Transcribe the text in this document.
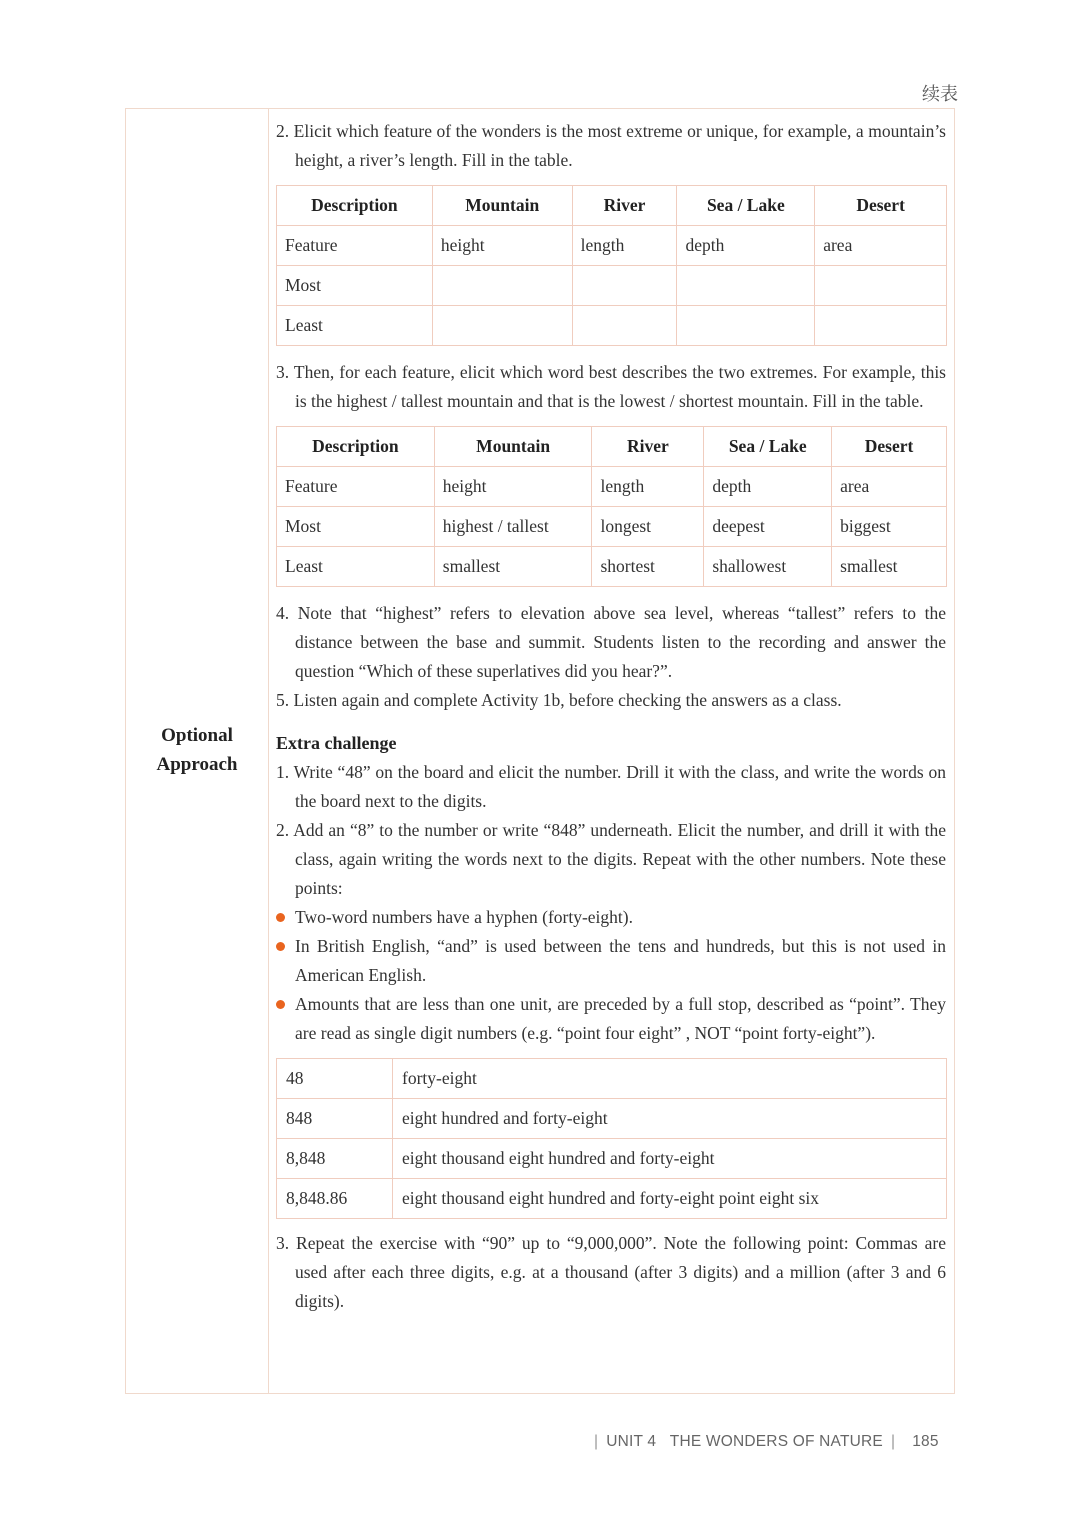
续表
Optional
Approach

2. Elicit which feature of the wonders is the most extreme or unique, for example, a mountain’s height, a river’s length. Fill in the table.

Description	Mountain	River	Sea / Lake	Desert
Feature	height	length	depth	area
Most				
Least				

3. Then, for each feature, elicit which word best describes the two extremes. For example, this is the highest / tallest mountain and that is the lowest / shortest mountain. Fill in the table.

Description	Mountain	River	Sea / Lake	Desert
Feature	height	length	depth	area
Most	highest / tallest	longest	deepest	biggest
Least	smallest	shortest	shallowest	smallest

4. Note that “highest” refers to elevation above sea level, whereas “tallest” refers to the distance between the base and summit. Students listen to the recording and answer the question “Which of these superlatives did you hear?”.

5. Listen again and complete Activity 1b, before checking the answers as a class.

Extra challenge

1. Write “48” on the board and elicit the number. Drill it with the class, and write the words on the board next to the digits.

2. Add an “8” to the number or write “848” underneath. Elicit the number, and drill it with the class, again writing the words next to the digits. Repeat with the other numbers. Note these points:

Two-word numbers have a hyphen (forty-eight).

In British English, “and” is used between the tens and hundreds, but this is not used in American English.

Amounts that are less than one unit, are preceded by a full stop, described as “point”. They are read as single digit numbers (e.g. “point four eight” , NOT “point forty-eight”).

48	forty-eight
848	eight hundred and forty-eight
8,848	eight thousand eight hundred and forty-eight
8,848.86	eight thousand eight hundred and forty-eight point eight six

3. Repeat the exercise with “90” up to “9,000,000”. Note the following point: Commas are used after each three digits, e.g. at a thousand (after 3 digits) and a million (after 3 and 6 digits).

| UNIT 4 THE WONDERS OF NATURE | 185
